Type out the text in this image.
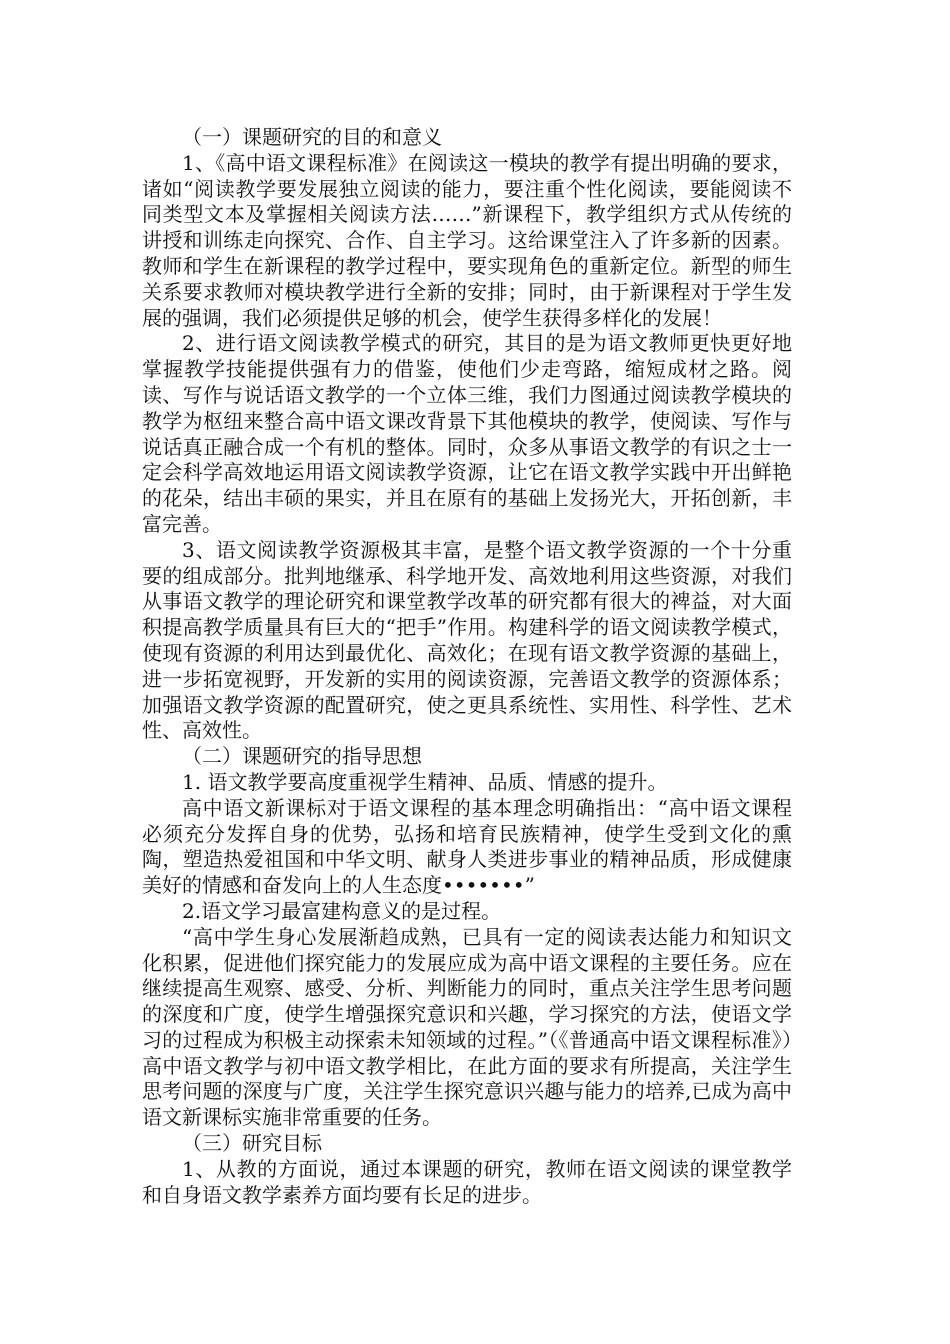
（一）课题研究的目的和意义

1、《高中语文课程标准》在阅读这一模块的教学有提出明确的要求，诸如“阅读教学要发展独立阅读的能力，要注重个性化阅读，要能阅读不同类型文本及掌握相关阅读方法……”新课程下，教学组织方式从传统的讲授和训练走向探究、合作、自主学习。这给课堂注入了许多新的因素。教师和学生在新课程的教学过程中，要实现角色的重新定位。新型的师生关系要求教师对模块教学进行全新的安排；同时，由于新课程对于学生发展的强调，我们必须提供足够的机会，使学生获得多样化的发展！

2、进行语文阅读教学模式的研究，其目的是为语文教师更快更好地掌握教学技能提供强有力的借鉴，使他们少走弯路，缩短成材之路。阅读、写作与说话语文教学的一个立体三维，我们力图通过阅读教学模块的教学为枢纽来整合高中语文课改背景下其他模块的教学，使阅读、写作与说话真正融合成一个有机的整体。同时，众多从事语文教学的有识之士一定会科学高效地运用语文阅读教学资源，让它在语文教学实践中开出鲜艳的花朵，结出丰硕的果实，并且在原有的基础上发扬光大，开拓创新，丰富完善。

3、语文阅读教学资源极其丰富，是整个语文教学资源的一个十分重要的组成部分。批判地继承、科学地开发、高效地利用这些资源，对我们从事语文教学的理论研究和课堂教学改革的研究都有很大的裨益，对大面积提高教学质量具有巨大的“把手”作用。构建科学的语文阅读教学模式，使现有资源的利用达到最优化、高效化；在现有语文教学资源的基础上，进一步拓宽视野，开发新的实用的阅读资源，完善语文教学的资源体系；加强语文教学资源的配置研究，使之更具系统性、实用性、科学性、艺术性、高效性。

（二）课题研究的指导思想

1. 语文教学要高度重视学生精神、品质、情感的提升。

高中语文新课标对于语文课程的基本理念明确指出：“高中语文课程必须充分发挥自身的优势，弘扬和培育民族精神，使学生受到文化的熏陶，塑造热爱祖国和中华文明、献身人类进步事业的精神品质，形成健康美好的情感和奋发向上的人生态度•••••••”

2.语文学习最富建构意义的是过程。

“高中学生身心发展渐趋成熟，已具有一定的阅读表达能力和知识文化积累，促进他们探究能力的发展应成为高中语文课程的主要任务。应在继续提高生观察、感受、分析、判断能力的同时，重点关注学生思考问题的深度和广度，使学生增强探究意识和兴趣，学习探究的方法，使语文学习的过程成为积极主动探索未知领域的过程。”（《普通高中语文课程标准》）高中语文教学与初中语文教学相比，在此方面的要求有所提高，关注学生思考问题的深度与广度，关注学生探究意识兴趣与能力的培养,已成为高中语文新课标实施非常重要的任务。

（三）研究目标

1、从教的方面说，通过本课题的研究，教师在语文阅读的课堂教学和自身语文教学素养方面均要有长足的进步。
